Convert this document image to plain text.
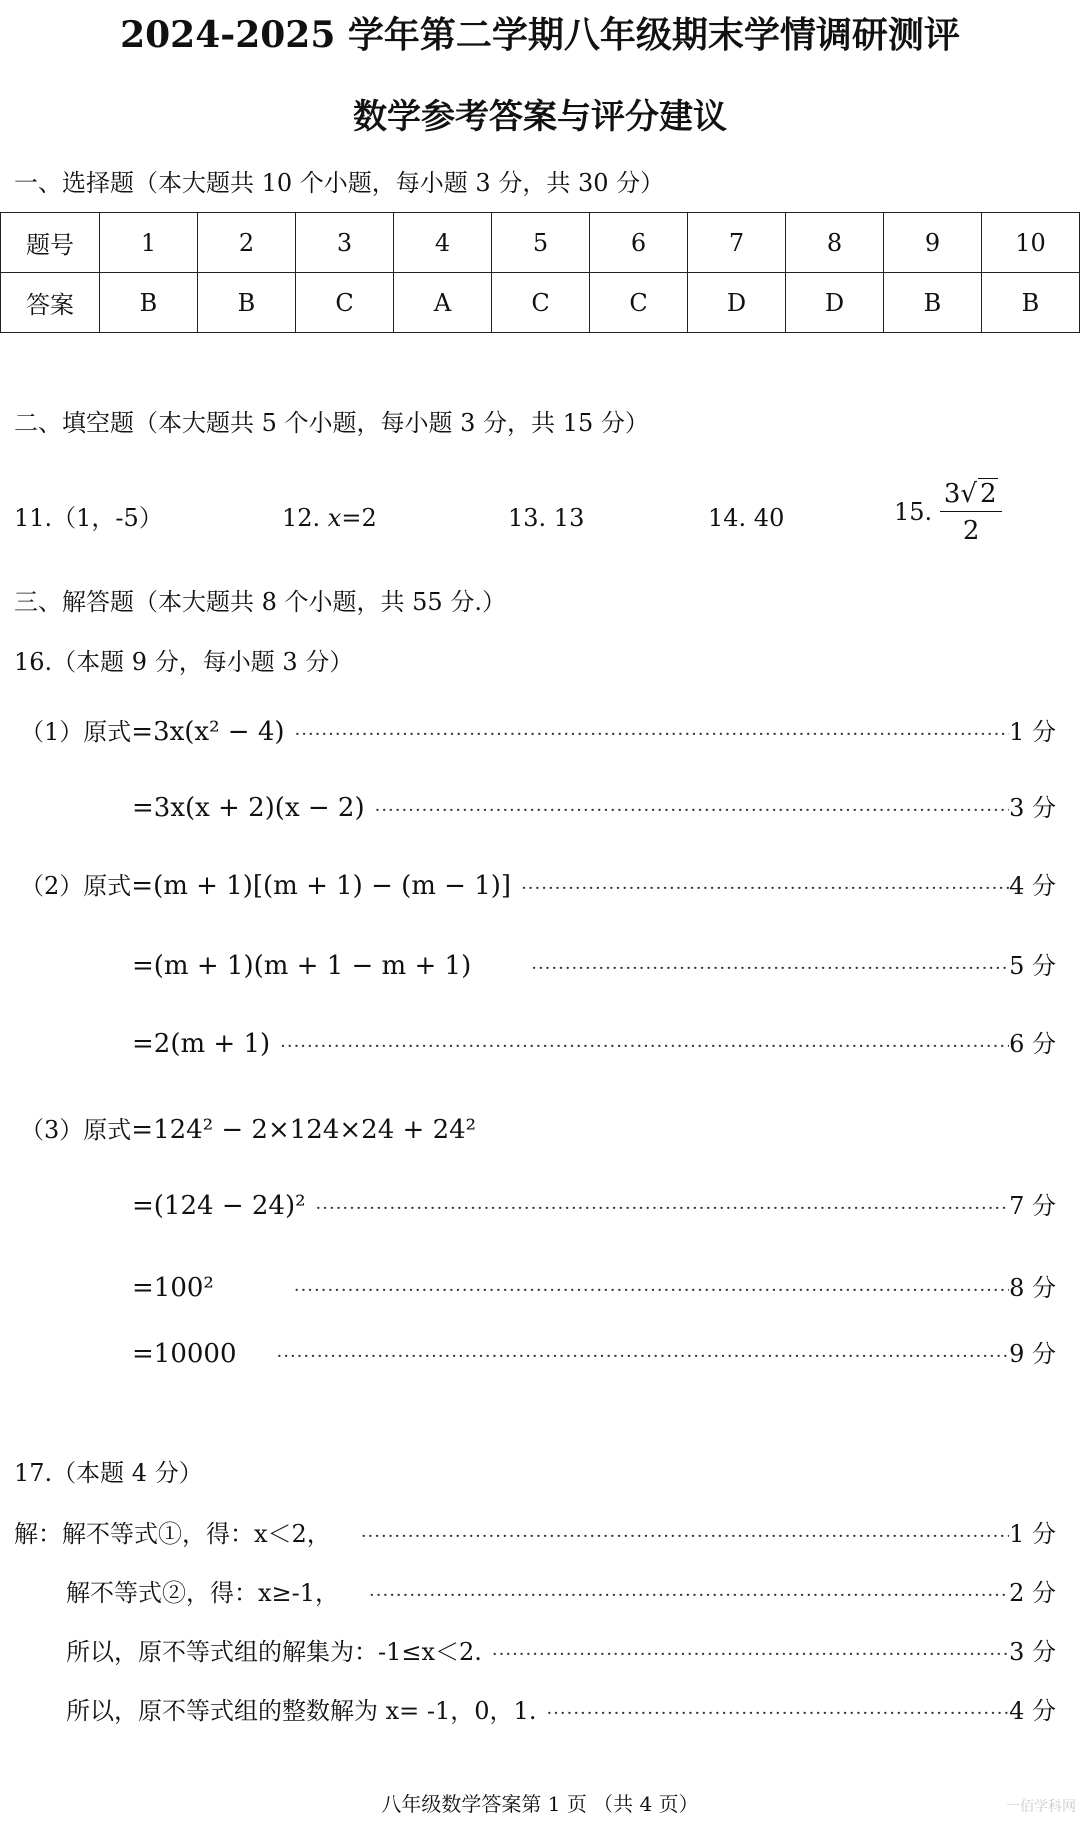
2024-2025 学年第二学期八年级期末学情调研测评
数学参考答案与评分建议
一、选择题（本大题共 10 个小题，每小题 3 分，共 30 分）
题号	1	2	3	4	5	6	7	8	9	10
答案	B	B	C	A	C	C	D	D	B	B
二、填空题（本大题共 5 个小题，每小题 3 分，共 15 分）
11.（1，-5）	12. x=2	13. 13	14. 40	15. $\frac{3√ 2}{2}$
三、解答题（本大题共 8 个小题，共 55 分.）
16.（本题 9 分，每小题 3 分）
（1）原式 =3x(x² − 4) ·····	1 分
=3x(x + 2)(x − 2) ·····	3 分
（2）原式 =(m + 1)[(m + 1) − (m − 1)] ·····	4 分
=(m + 1)(m + 1 − m + 1) ·····	5 分
=2(m + 1) ·····	6 分
（3）原式 =124² − 2×124×24 + 24²
=(124 − 24)² ·····	7 分
=100² ·····	8 分
=10000 ·····	9 分
17.（本题 4 分）
解：解不等式①，得：x＜2， ·····	1 分
解不等式②，得：x≥-1， ·····	2 分
所以，原不等式组的解集为：-1≤x＜2. ·····	3 分
所以，原不等式组的整数解为 x= -1，0，1. ·····	4 分
八年级数学答案第 1 页 （共 4 页）	一佰学科网
